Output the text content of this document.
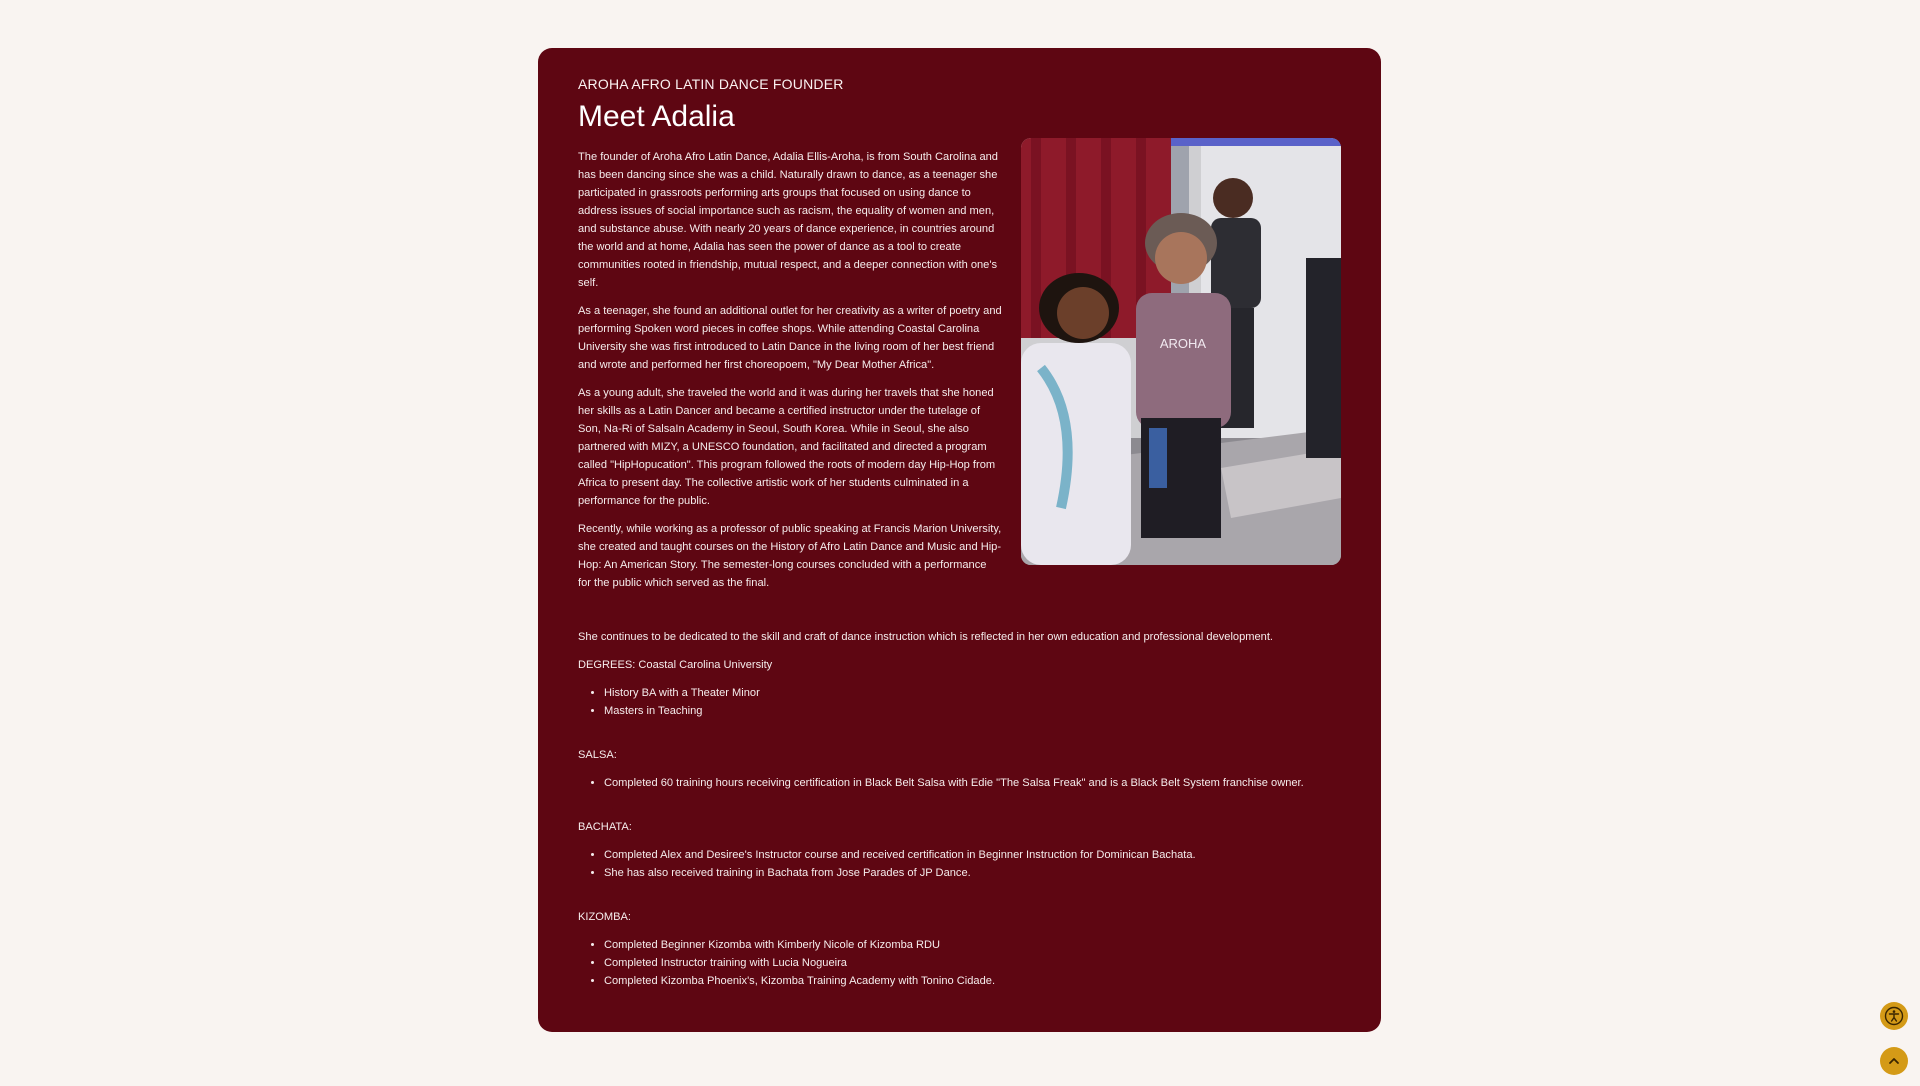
AROHA AFRO LATIN DANCE FOUNDER
Meet Adalia

The founder of Aroha Afro Latin Dance, Adalia Ellis-Aroha, is from South Carolina and has been dancing since she was a child. Naturally drawn to dance, as a teenager she participated in grassroots performing arts groups that focused on using dance to address issues of social importance such as racism, the equality of women and men, and substance abuse. With nearly 20 years of dance experience, in countries around the world and at home, Adalia has seen the power of dance as a tool to create communities rooted in friendship, mutual respect, and a deeper connection with one's self.

As a teenager, she found an additional outlet for her creativity as a writer of poetry and performing Spoken word pieces in coffee shops. While attending Coastal Carolina University she was first introduced to Latin Dance in the living room of her best friend and wrote and performed her first choreopoem, "My Dear Mother Africa".

As a young adult, she traveled the world and it was during her travels that she honed her skills as a Latin Dancer and became a certified instructor under the tutelage of Son, Na-Ri of SalsaIn Academy in Seoul, South Korea. While in Seoul, she also partnered with MIZY, a UNESCO foundation, and facilitated and directed a program called "HipHopucation". This program followed the roots of modern day Hip-Hop from Africa to present day. The collective artistic work of her students culminated in a performance for the public.

Recently, while working as a professor of public speaking at Francis Marion University, she created and taught courses on the History of Afro Latin Dance and Music and Hip-Hop: An American Story. The semester-long courses concluded with a performance for the public which served as the final.

AROHA

She continues to be dedicated to the skill and craft of dance instruction which is reflected in her own education and professional development.

DEGREES: Coastal Carolina University

• History BA with a Theater Minor
• Masters in Teaching

SALSA:

• Completed 60 training hours receiving certification in Black Belt Salsa with Edie "The Salsa Freak" and is a Black Belt System franchise owner.

BACHATA:

• Completed Alex and Desiree's Instructor course and received certification in Beginner Instruction for Dominican Bachata.
• She has also received training in Bachata from Jose Parades of JP Dance.

KIZOMBA:

• Completed Beginner Kizomba with Kimberly Nicole of Kizomba RDU
• Completed Instructor training with Lucia Nogueira
• Completed Kizomba Phoenix's, Kizomba Training Academy with Tonino Cidade.
